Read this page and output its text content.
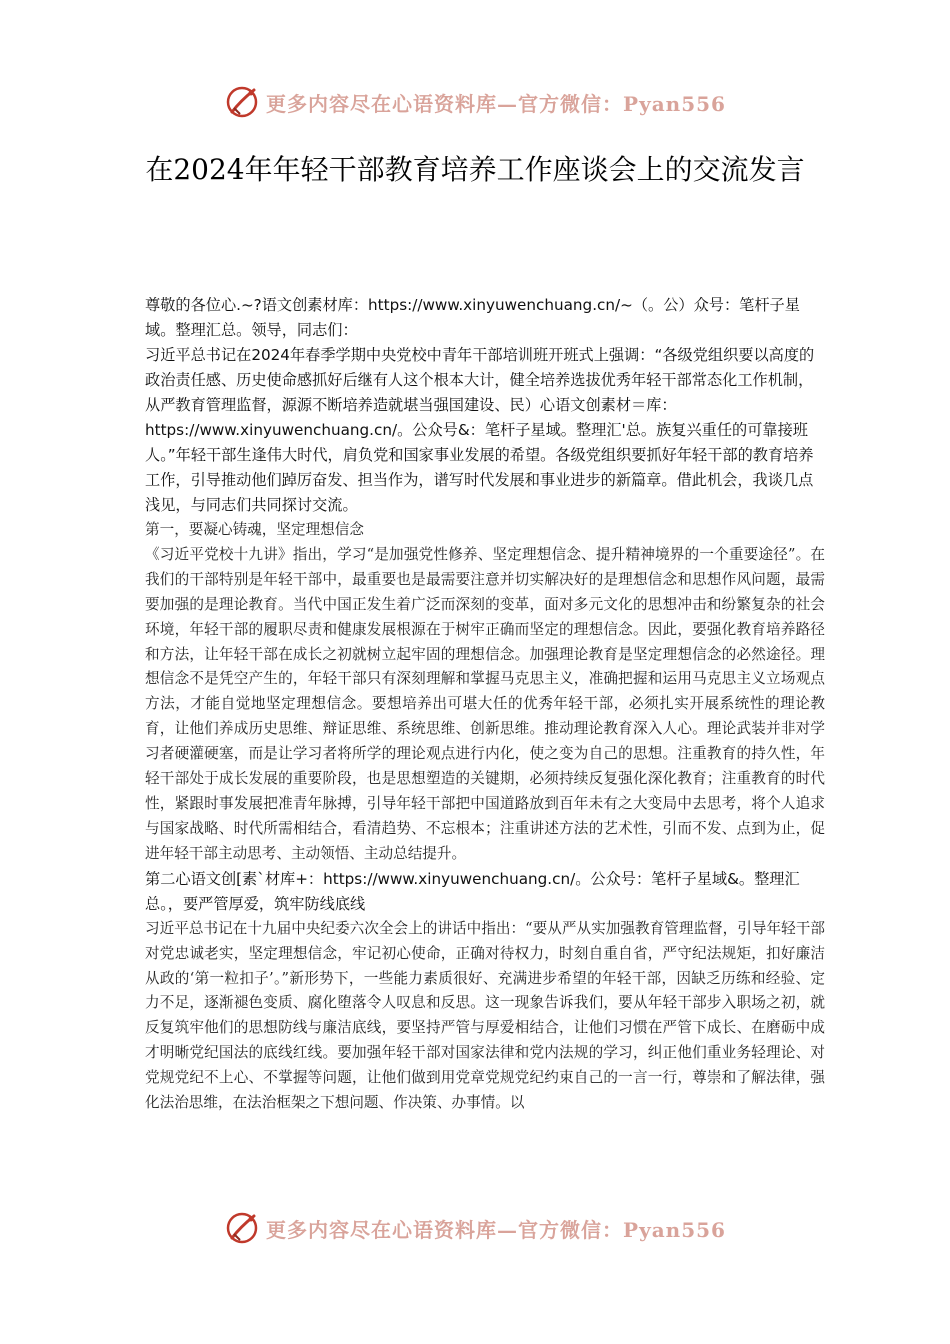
更多内容尽在心语资料库—官方微信：Pyan556
在2024年年轻干部教育培养工作座谈会上的交流发言

尊敬的各位心.~?语文创素材库：https://www.xinyuwenchuang.cn/~（。公）众号：笔杆子星域。整理汇总。领导，同志们：

习近平总书记在2024年春季学期中央党校中青年干部培训班开班式上强调：“各级党组织要以高度的政治责任感、历史使命感抓好后继有人这个根本大计，健全培养选拔优秀年轻干部常态化工作机制，从严教育管理监督，源源不断培养造就堪当强国建设、民）心语文创素材＝库：https://www.xinyuwenchuang.cn/。公众号&：笔杆子星域。整理汇'总。族复兴重任的可靠接班人。”年轻干部生逢伟大时代，肩负党和国家事业发展的希望。各级党组织要抓好年轻干部的教育培养工作，引导推动他们踔厉奋发、担当作为，谱写时代发展和事业进步的新篇章。借此机会，我谈几点浅见，与同志们共同探讨交流。

第一，要凝心铸魂，坚定理想信念

《习近平党校十九讲》指出，学习“是加强党性修养、坚定理想信念、提升精神境界的一个重要途径”。在我们的干部特别是年轻干部中，最重要也是最需要注意并切实解决好的是理想信念和思想作风问题，最需要加强的是理论教育。当代中国正发生着广泛而深刻的变革，面对多元文化的思想冲击和纷繁复杂的社会环境，年轻干部的履职尽责和健康发展根源在于树牢正确而坚定的理想信念。因此，要强化教育培养路径和方法，让年轻干部在成长之初就树立起牢固的理想信念。加强理论教育是坚定理想信念的必然途径。理想信念不是凭空产生的，年轻干部只有深刻理解和掌握马克思主义，准确把握和运用马克思主义立场观点方法，才能自觉地坚定理想信念。要想培养出可堪大任的优秀年轻干部，必须扎实开展系统性的理论教育，让他们养成历史思维、辩证思维、系统思维、创新思维。推动理论教育深入人心。理论武装并非对学习者硬灌硬塞，而是让学习者将所学的理论观点进行内化，使之变为自己的思想。注重教育的持久性，年轻干部处于成长发展的重要阶段，也是思想塑造的关键期，必须持续反复强化深化教育；注重教育的时代性，紧跟时事发展把准青年脉搏，引导年轻干部把中国道路放到百年未有之大变局中去思考，将个人追求与国家战略、时代所需相结合，看清趋势、不忘根本；注重讲述方法的艺术性，引而不发、点到为止，促进年轻干部主动思考、主动领悟、主动总结提升。

第二心语文创[素`材库+：https://www.xinyuwenchuang.cn/。公众号：笔杆子星域&。整理汇总。，要严管厚爱，筑牢防线底线

习近平总书记在十九届中央纪委六次全会上的讲话中指出：“要从严从实加强教育管理监督，引导年轻干部对党忠诚老实，坚定理想信念，牢记初心使命，正确对待权力，时刻自重自省，严守纪法规矩，扣好廉洁从政的‘第一粒扣子’。”新形势下，一些能力素质很好、充满进步希望的年轻干部，因缺乏历练和经验、定力不足，逐渐褪色变质、腐化堕落令人叹息和反思。这一现象告诉我们，要从年轻干部步入职场之初，就反复筑牢他们的思想防线与廉洁底线，要坚持严管与厚爱相结合，让他们习惯在严管下成长、在磨砺中成才明晰党纪国法的底线红线。要加强年轻干部对国家法律和党内法规的学习，纠正他们重业务轻理论、对党规党纪不上心、不掌握等问题，让他们做到用党章党规党纪约束自己的一言一行，尊崇和了解法律，强化法治思维，在法治框架之下想问题、作决策、办事情。以

更多内容尽在心语资料库—官方微信：Pyan556
